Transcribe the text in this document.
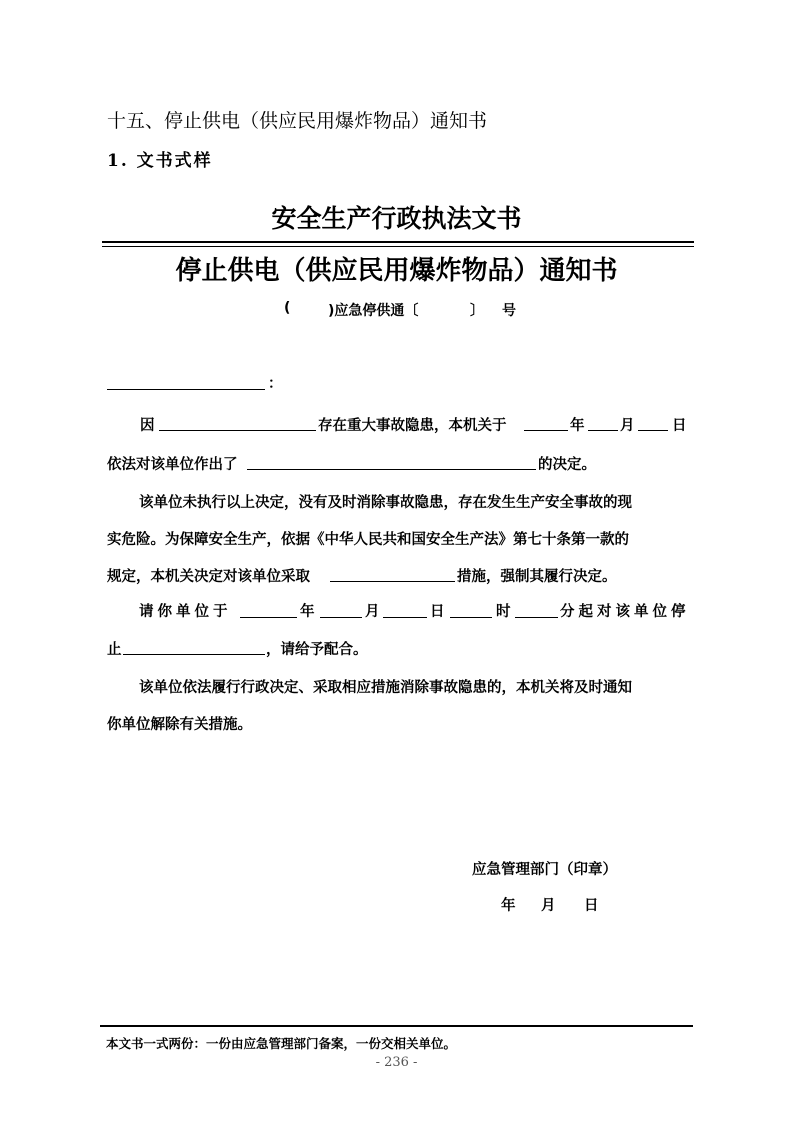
十五、停止供电（供应民用爆炸物品）通知书
1. 文书式样
安全生产行政执法文书
停止供电（供应民用爆炸物品）通知书
(	)应急停供通〔	〕 号
：
因	存在重大事故隐患，本机关于	年 月	日
依法对该单位作出了	的决定。
该单位未执行以上决定，没有及时消除事故隐患，存在发生生产安全事故的现
实危险。为保障安全生产，依据《中华人民共和国安全生产法》第七十条第一款的
规定，本机关决定对该单位采取	措施，强制其履行决定。
请你单位于	年	月	日	时	分起对该单位停
止	，请给予配合。
该单位依法履行行政决定、采取相应措施消除事故隐患的，本机关将及时通知
你单位解除有关措施。
应急管理部门（印章）
年 月 日
本文书一式两份：一份由应急管理部门备案，一份交相关单位。
- 236 -
